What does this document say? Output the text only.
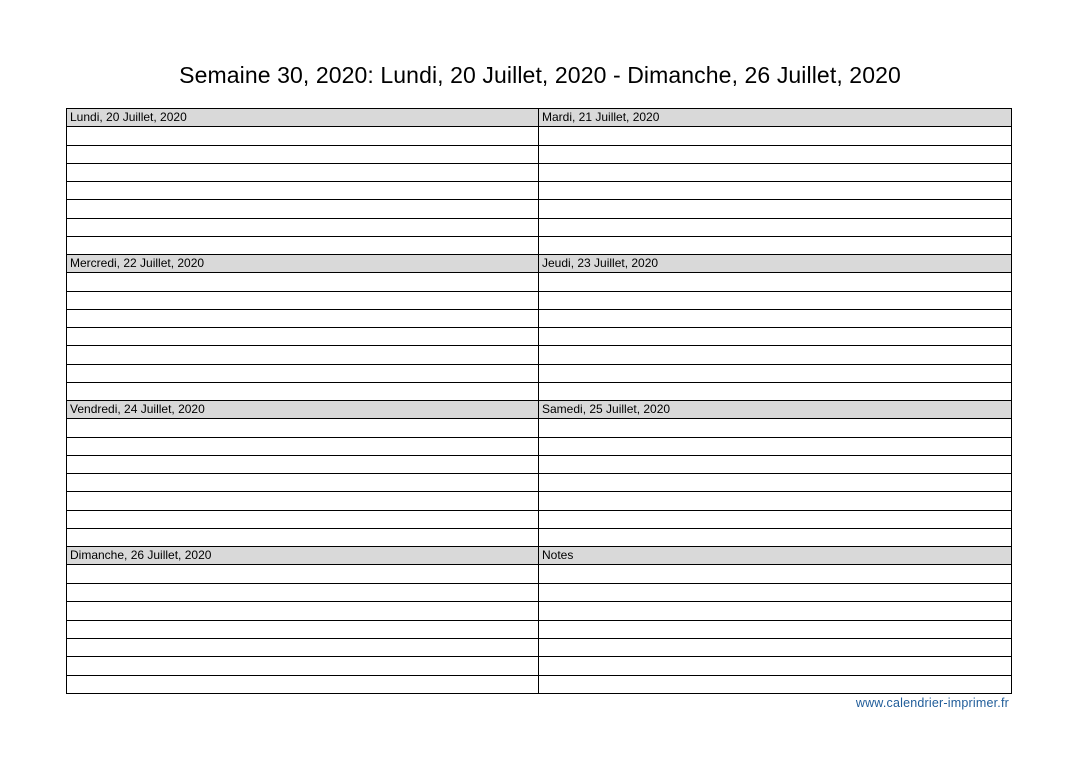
Semaine 30, 2020: Lundi, 20 Juillet, 2020 - Dimanche, 26 Juillet, 2020
Lundi, 20 Juillet, 2020	Mardi, 21 Juillet, 2020
Mercredi, 22 Juillet, 2020	Jeudi, 23 Juillet, 2020
Vendredi, 24 Juillet, 2020	Samedi, 25 Juillet, 2020
Dimanche, 26 Juillet, 2020	Notes
www.calendrier-imprimer.fr
